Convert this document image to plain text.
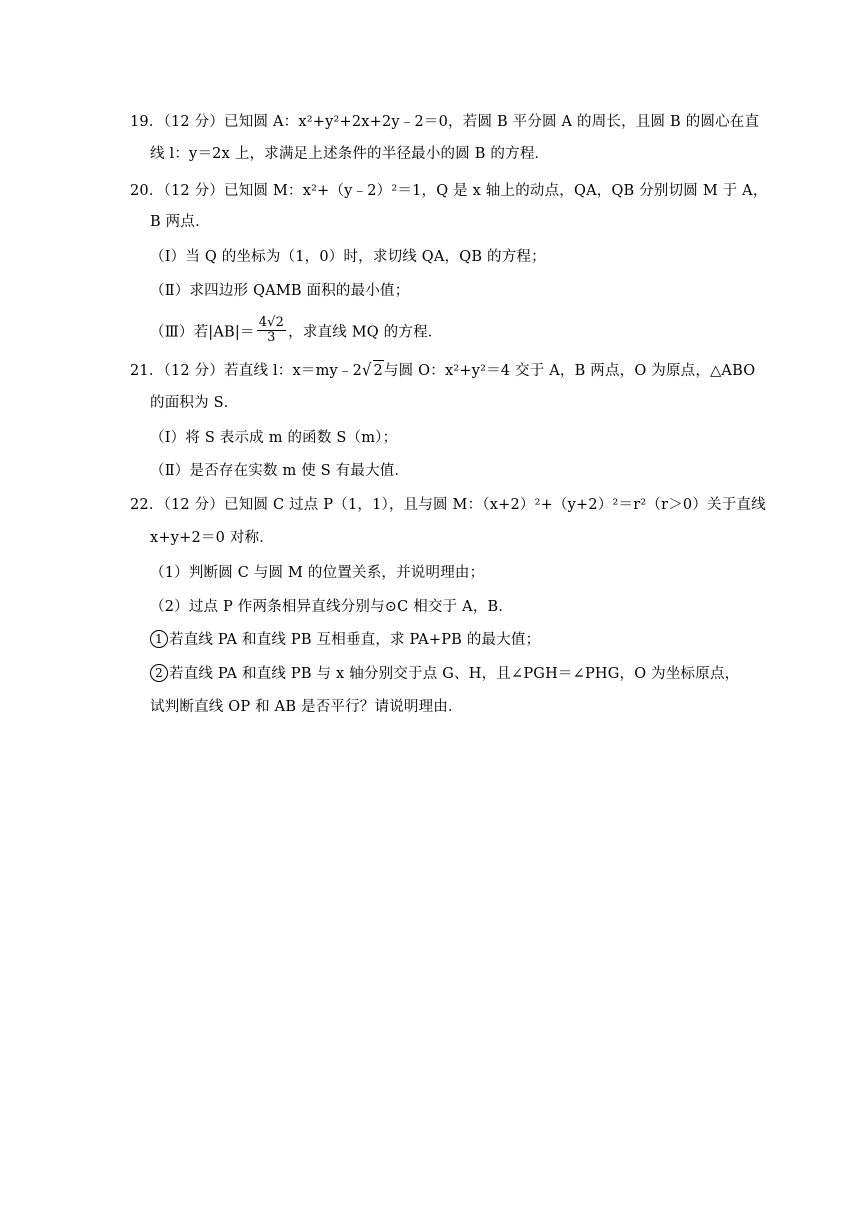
19．（12 分）已知圆 A：x²+y²+2x+2y﹣2＝0，若圆 B 平分圆 A 的周长，且圆 B 的圆心在直
线 l：y＝2x 上，求满足上述条件的半径最小的圆 B 的方程．
20．（12 分）已知圆 M：x²+（y﹣2）²＝1，Q 是 x 轴上的动点，QA，QB 分别切圆 M 于 A，
B 两点．
（Ⅰ）当 Q 的坐标为（1，0）时，求切线 QA，QB 的方程；
（Ⅱ）求四边形 QAMB 面积的最小值；
（Ⅲ）若$|AB|= \frac{4√2}{3}$ ，求直线 MQ 的方程．
21．（12 分）若直线 l：x＝my﹣2√ 2与圆 O：x²+y²＝4 交于 A，B 两点，O 为原点，△ABO
的面积为 S．
（Ⅰ）将 S 表示成 m 的函数 S（m）；
（Ⅱ）是否存在实数 m 使 S 有最大值．
22．（12 分）已知圆 C 过点 P（1，1），且与圆 M：（x+2）²+（y+2）²＝r²（r＞0）关于直线
x+y+2＝0 对称．
（1）判断圆 C 与圆 M 的位置关系，并说明理由；
（2）过点 P 作两条相异直线分别与⊙C 相交于 A，B．
1 若直线 PA 和直线 PB 互相垂直，求 PA+PB 的最大值；
2 若直线 PA 和直线 PB 与 x 轴分别交于点 G、H，且∠PGH＝∠PHG，O 为坐标原点，
试判断直线 OP 和 AB 是否平行？请说明理由．
